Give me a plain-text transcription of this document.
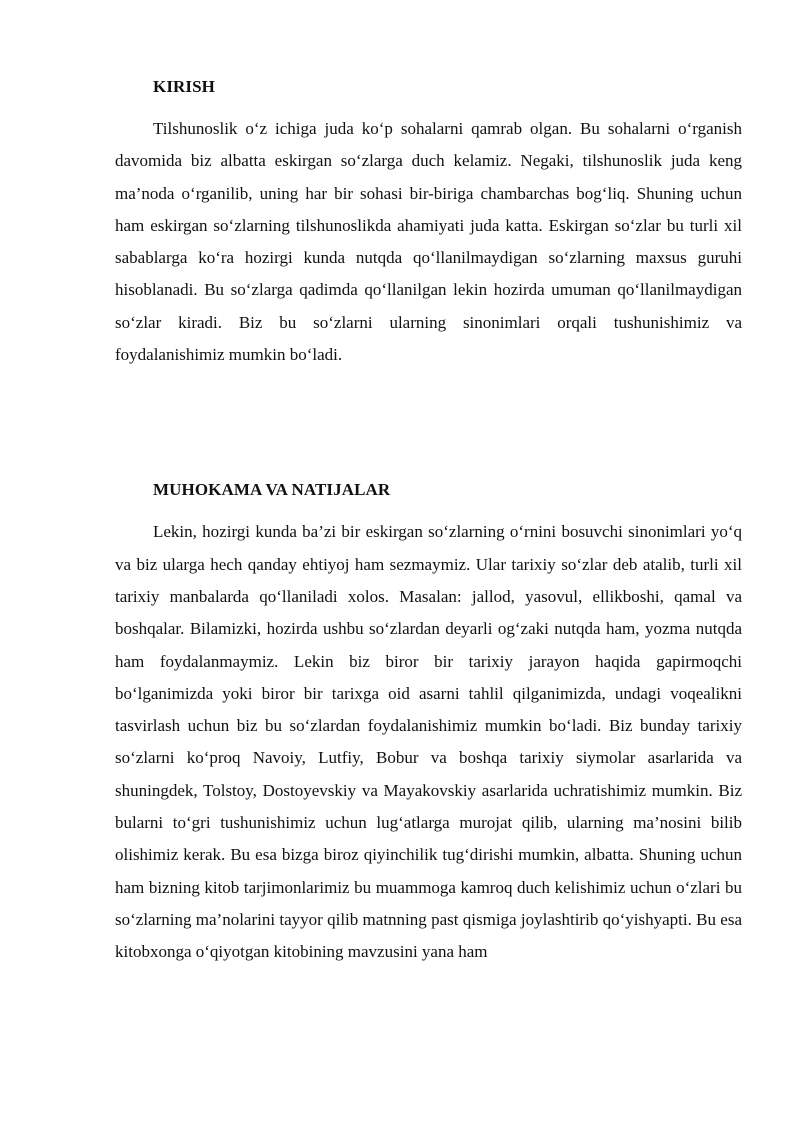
KIRISH

Tilshunoslik o‘z ichiga juda ko‘p sohalarni qamrab olgan. Bu sohalarni o‘rganish davomida biz albatta eskirgan so‘zlarga duch kelamiz. Negaki, tilshunoslik juda keng ma’noda o‘rganilib, uning har bir sohasi bir-biriga chambarchas bog‘liq. Shuning uchun ham eskirgan so‘zlarning tilshunoslikda ahamiyati juda katta. Eskirgan so‘zlar bu turli xil sabablarga ko‘ra hozirgi kunda nutqda qo‘llanilmaydigan so‘zlarning maxsus guruhi hisoblanadi. Bu so‘zlarga qadimda qo‘llanilgan lekin hozirda umuman qo‘llanilmaydigan so‘zlar kiradi. Biz bu so‘zlarni ularning sinonimlari orqali tushunishimiz va foydalanishimiz mumkin bo‘ladi.

MUHOKAMA VA NATIJALAR

Lekin, hozirgi kunda ba’zi bir eskirgan so‘zlarning o‘rnini bosuvchi sinonimlari yo‘q va biz ularga hech qanday ehtiyoj ham sezmaymiz. Ular tarixiy so‘zlar deb atalib, turli xil tarixiy manbalarda qo‘llaniladi xolos. Masalan: jallod, yasovul, ellikboshi, qamal va boshqalar. Bilamizki, hozirda ushbu so‘zlardan deyarli og‘zaki nutqda ham, yozma nutqda ham foydalanmaymiz. Lekin biz biror bir tarixiy jarayon haqida gapirmoqchi bo‘lganimizda yoki biror bir tarixga oid asarni tahlil qilganimizda, undagi voqealikni tasvirlash uchun biz bu so‘zlardan foydalanishimiz mumkin bo‘ladi. Biz bunday tarixiy so‘zlarni ko‘proq Navoiy, Lutfiy, Bobur va boshqa tarixiy siymolar asarlarida va shuningdek, Tolstoy, Dostoyevskiy va Mayakovskiy asarlarida uchratishimiz mumkin. Biz bularni to‘gri tushunishimiz uchun lug‘atlarga murojat qilib, ularning ma’nosini bilib olishimiz kerak. Bu esa bizga biroz qiyinchilik tug‘dirishi mumkin, albatta. Shuning uchun ham bizning kitob tarjimonlarimiz bu muammoga kamroq duch kelishimiz uchun o‘zlari bu so‘zlarning ma’nolarini tayyor qilib matnning past qismiga joylashtirib qo‘yishyapti. Bu esa kitobxonga o‘qiyotgan kitobining mavzusini yana ham
